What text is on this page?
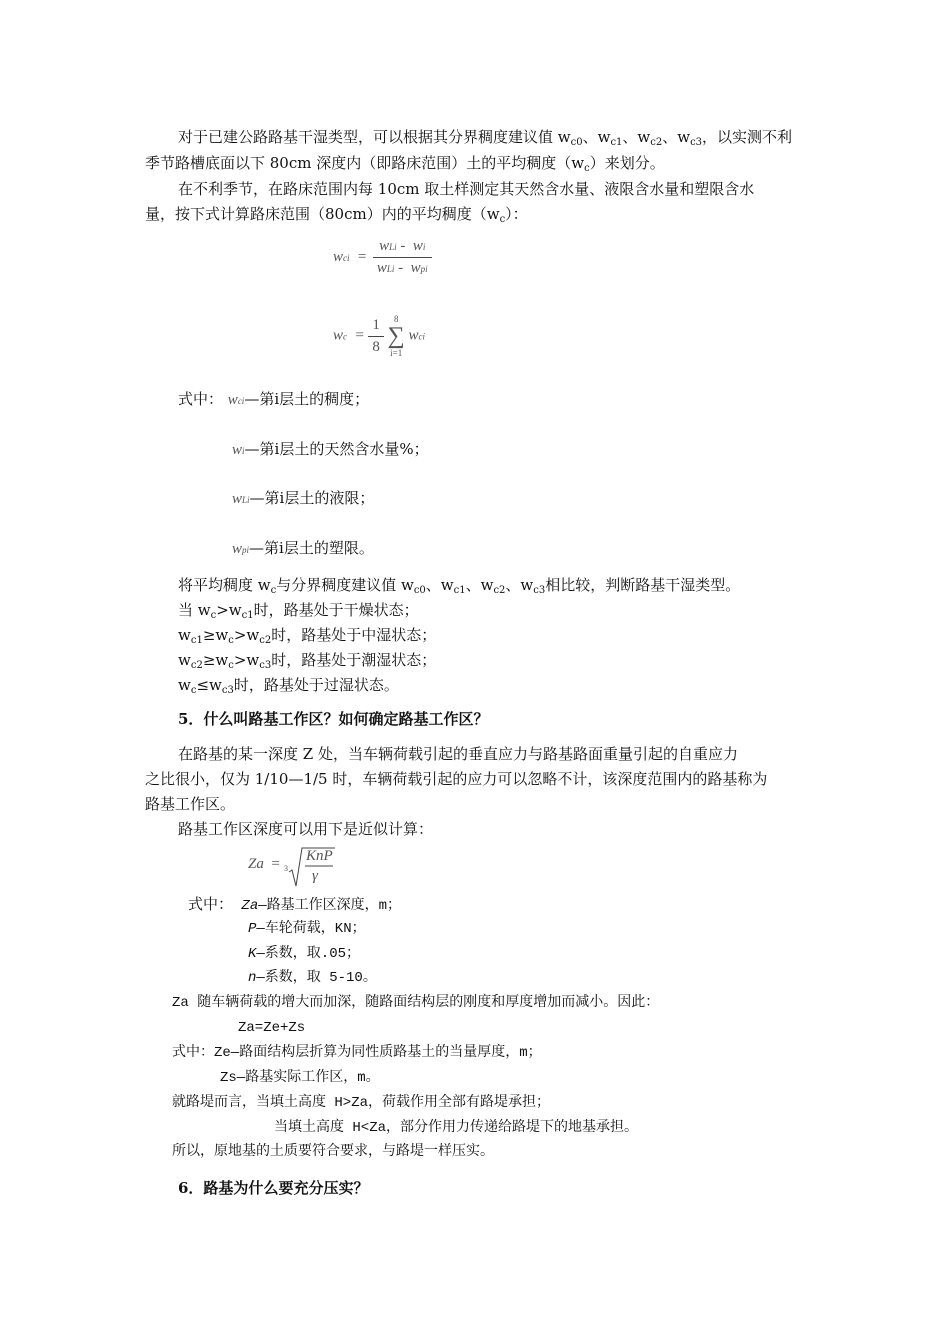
对于已建公路路基干湿类型，可以根据其分界稠度建议值 $w_{c0}$、$w_{c1}$、$w_{c2}$、$w_{c3}$，以实测不利
季节路槽底面以下 80cm 深度内（即路床范围）土的平均稠度$(w_c)$来划分。
在不利季节，在路床范围内每 10cm 取土样测定其天然含水量、液限含水量和塑限含水
量，按下式计算路床范围（80cm）内的平均稠度$(w_c)$：
wci  = $\frac{\text{wLi ​-  wi}}{\text{wLi ​-  wpi}}$
wc  = $\frac{1}{8}$
	8
∑
i=1
wci
式中： wci—第i层土的稠度；
wi—第i层土的天然含水量%；
wLi—第i层土的液限；
wpi—第i层土的塑限。
将平均稠度 $w_c$与分界稠度建议值 $w_{c0}$、$w_{c1}$、$w_{c2}$、$w_{c3}$相比较，判断路基干湿类型。
当 $w_c>w_{c1}$时，路基处于干燥状态；
$w_{c1}\ge w_c>w_{c2}$时，路基处于中湿状态；
$w_{c2}\ge w_c>w_{c3}$时，路基处于潮湿状态；
$w_c\le w_{c3}$时，路基处于过湿状态。
5．什么叫路基工作区？如何确定路基工作区？
在路基的某一深度 Z 处，当车辆荷载引起的垂直应力与路基路面重量引起的自重应力
之比很小，仅为 1/10—1/5 时，车辆荷载引起的应力可以忽略不计，该深度范围内的路基称为
路基工作区。
路基工作区深度可以用下是近似计算：
Za  = 3
KnP
γ
式中： Za—路基工作区深度，m；
P—车轮荷载，KN；
K—系数，取.05；
n—系数，取 5-10。
Za 随车辆荷载的增大而加深，随路面结构层的刚度和厚度增加而减小。因此：
Za=Ze+Zs
式中：Ze—路面结构层折算为同性质路基土的当量厚度，m；
Zs—路基实际工作区，m。
就路堤而言，当填土高度 H>Za，荷载作用全部有路堤承担；
当填土高度 H<Za，部分作用力传递给路堤下的地基承担。
所以，原地基的土质要符合要求，与路堤一样压实。
6．路基为什么要充分压实？
